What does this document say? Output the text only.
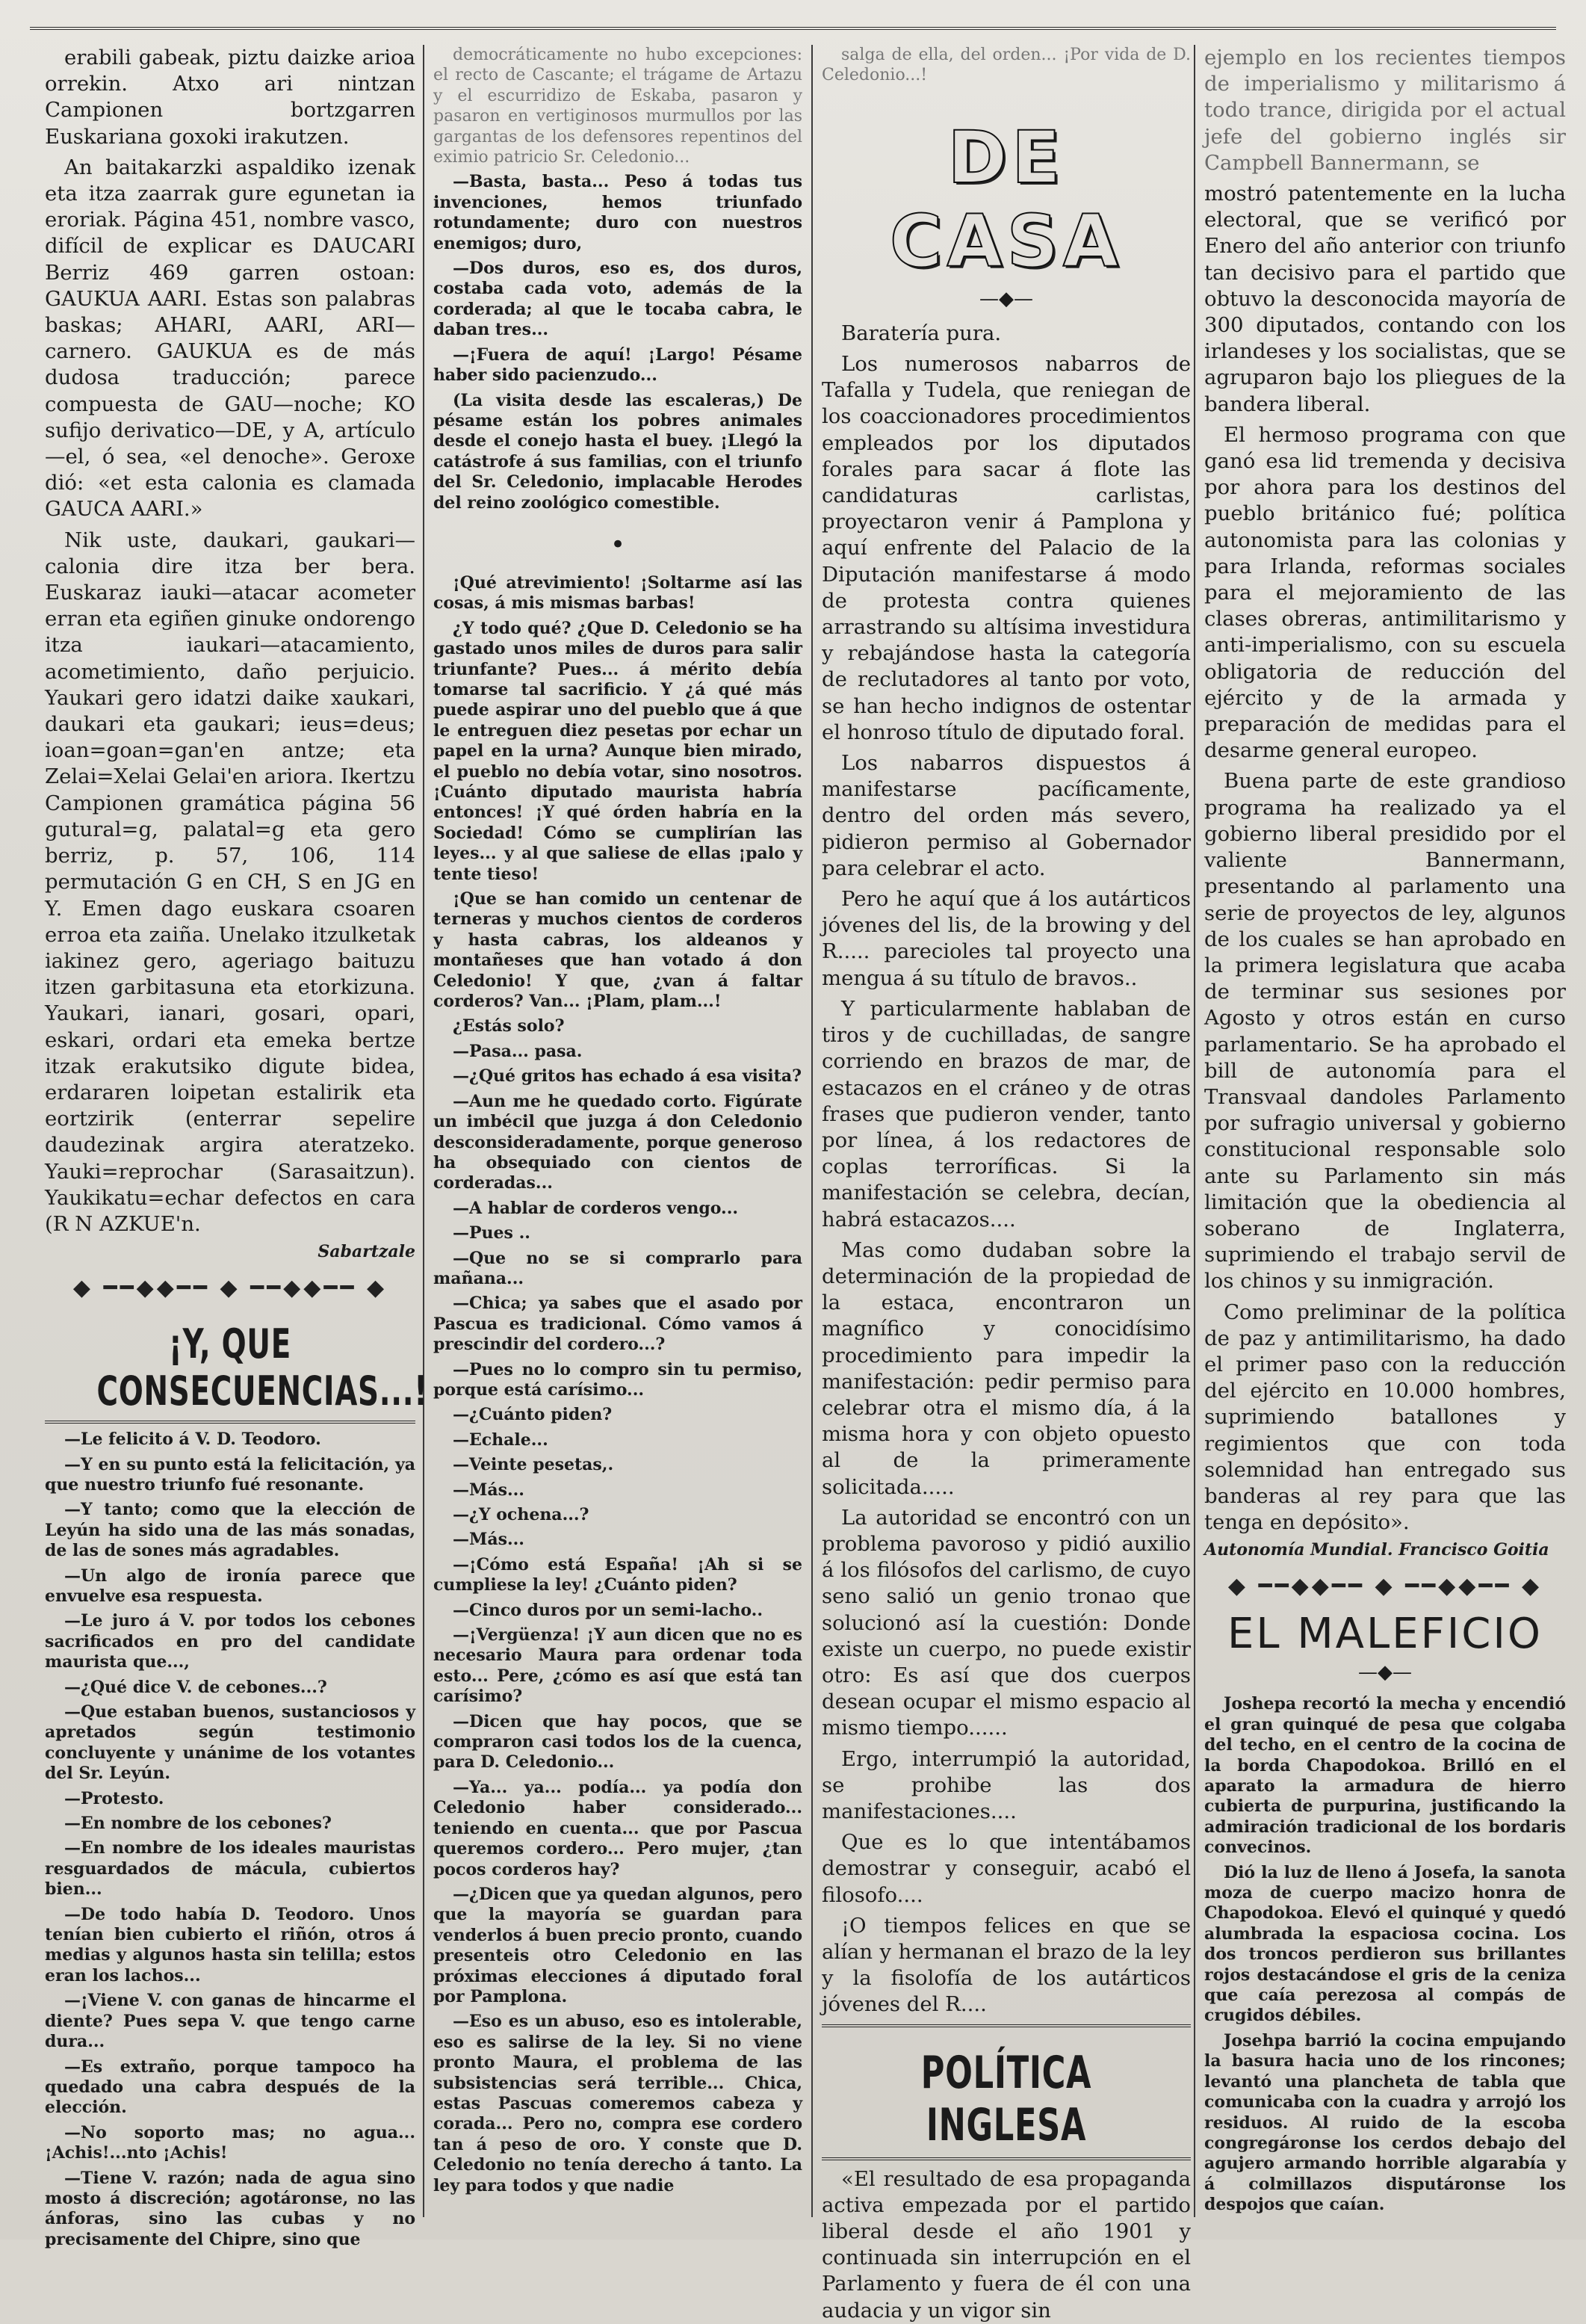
erabili gabeak, piztu daizke arioa orrekin. Atxo ari nintzan Campionen bortzgarren Euskariana goxoki irakutzen.

An baitakarzki aspaldiko izenak eta itza zaarrak gure egunetan ia eroriak. Página 451, nombre vasco, difícil de explicar es DAUCARI Berriz 469 garren ostoan: GAUKUA AARI. Estas son palabras baskas; AHARI, AARI, ARI—carnero. GAUKUA es de más dudosa traducción; parece compuesta de GAU—noche; KO sufijo derivatico—DE, y A, artículo—el, ó sea, «el denoche». Geroxe dió: «et esta calonia es clamada GAUCA AARI.»

Nik uste, daukari, gaukari—calonia dire itza ber bera. Euskaraz iauki—atacar acometer erran eta egiñen ginuke ondorengo itza iaukari—atacamiento, acometimiento, daño perjuicio. Yaukari gero idatzi daike xaukari, daukari eta gaukari; ieus=deus; ioan=goan=gan'en antze; eta Zelai=Xelai Gelai'en ariora. Ikertzu Campionen gramática página 56 gutural=g, palatal=g eta gero berriz, p. 57, 106, 114 permutación G en CH, S en JG en Y. Emen dago euskara csoaren erroa eta zaiña. Unelako itzulketak iakinez gero, ageriago baituzu itzen garbitasuna eta etorkizuna. Yaukari, ianari, gosari, opari, eskari, ordari eta emeka bertze itzak erakutsiko digute bidea, erdararen loipetan estalirik eta eortzirik (enterrar sepelire daudezinak argira ateratzeko. Yauki=reprochar (Sarasaitzun). Yaukikatu=echar defectos en cara (R N AZKUE'n.

Sabartzale
◆ ━━◆◆━━ ◆ ━━◆◆━━ ◆
¡Y, QUE CONSECUENCIAS...!

—Le felicito á V. D. Teodoro.

—Y en su punto está la felicitación, ya que nuestro triunfo fué resonante.

—Y tanto; como que la elección de Leyún ha sido una de las más sonadas, de las de sones más agradables.

—Un algo de ironía parece que envuelve esa respuesta.

—Le juro á V. por todos los cebones sacrificados en pro del candidate maurista que...,

—¿Qué dice V. de cebones...?

—Que estaban buenos, sustanciosos y apretados según testimonio concluyente y unánime de los votantes del Sr. Leyún.

—Protesto.

—En nombre de los cebones?

—En nombre de los ideales mauristas resguardados de mácula, cubiertos bien...

—De todo había D. Teodoro. Unos tenían bien cubierto el riñón, otros á medias y algunos hasta sin telilla; estos eran los lachos...

—¡Viene V. con ganas de hincarme el diente? Pues sepa V. que tengo carne dura...

—Es extraño, porque tampoco ha quedado una cabra después de la elección.

—No soporto mas; no agua... ¡Achis!...nto ¡Achis!

—Tiene V. razón; nada de agua sino mosto á discreción; agotáronse, no las ánforas, sino las cubas y no precisamente del Chipre, sino que

democráticamente no hubo excepciones: el recto de Cascante; el trágame de Artazu y el escurridizo de Eskaba, pasaron y pasaron en vertiginosos murmullos por las gargantas de los defensores repentinos del eximio patricio Sr. Celedonio...

—Basta, basta... Peso á todas tus invenciones, hemos triunfado rotundamente; duro con nuestros enemigos; duro,

—Dos duros, eso es, dos duros, costaba cada voto, además de la corderada; al que le tocaba cabra, le daban tres...

—¡Fuera de aquí! ¡Largo! Pésame haber sido pacienzudo...

(La visita desde las escaleras,) De pésame están los pobres animales desde el conejo hasta el buey. ¡Llegó la catástrofe á sus familias, con el triunfo del Sr. Celedonio, implacable Herodes del reino zoológico comestible.

•

¡Qué atrevimiento! ¡Soltarme así las cosas, á mis mismas barbas!

¿Y todo qué? ¿Que D. Celedonio se ha gastado unos miles de duros para salir triunfante? Pues... á mérito debía tomarse tal sacrificio. Y ¿á qué más puede aspirar uno del pueblo que á que le entreguen diez pesetas por echar un papel en la urna? Aunque bien mirado, el pueblo no debía votar, sino nosotros. ¡Cuánto diputado maurista habría entonces! ¡Y qué órden habría en la Sociedad! Cómo se cumplirían las leyes... y al que saliese de ellas ¡palo y tente tieso!

¡Que se han comido un centenar de terneras y muchos cientos de corderos y hasta cabras, los aldeanos y montañeses que han votado á don Celedonio! Y que, ¿van á faltar corderos? Van... ¡Plam, plam...!

¿Estás solo?

—Pasa... pasa.

—¿Qué gritos has echado á esa visita?

—Aun me he quedado corto. Figúrate un imbécil que juzga á don Celedonio desconsideradamente, porque generoso ha obsequiado con cientos de corderadas...

—A hablar de corderos vengo...

—Pues ..

—Que no se si comprarlo para mañana...

—Chica; ya sabes que el asado por Pascua es tradicional. Cómo vamos á prescindir del cordero...?

—Pues no lo compro sin tu permiso, porque está carísimo...

—¿Cuánto piden?

—Echale...

—Veinte pesetas,.

—Más...

—¿Y ochena...?

—Más...

—¡Cómo está España! ¡Ah si se cumpliese la ley! ¿Cuánto piden?

—Cinco duros por un semi-lacho..

—¡Vergüenza! ¡Y aun dicen que no es necesario Maura para ordenar toda esto... Pere, ¿cómo es así que está tan carísimo?

—Dicen que hay pocos, que se compraron casi todos los de la cuenca, para D. Celedonio...

—Ya... ya... podía... ya podía don Celedonio haber considerado... teniendo en cuenta... que por Pascua queremos cordero... Pero mujer, ¿tan pocos corderos hay?

—¿Dicen que ya quedan algunos, pero que la mayoría se guardan para venderlos á buen precio pronto, cuando presenteis otro Celedonio en las próximas elecciones á diputado foral por Pamplona.

—Eso es un abuso, eso es intolerable, eso es salirse de la ley. Si no viene pronto Maura, el problema de las subsistencias será terrible... Chica, estas Pascuas comeremos cabeza y corada... Pero no, compra ese cordero tan á peso de oro. Y conste que D. Celedonio no tenía derecho á tanto. La ley para todos y que nadie

salga de ella, del orden... ¡Por vida de D. Celedonio...!

DE CASA
—◆—

Baratería pura.

Los numerosos nabarros de Tafalla y Tudela, que reniegan de los coaccionadores procedimientos empleados por los diputados forales para sacar á flote las candidaturas carlistas, proyectaron venir á Pamplona y aquí enfrente del Palacio de la Diputación manifestarse á modo de protesta contra quienes arrastrando su altísima investidura y rebajándose hasta la categoría de reclutadores al tanto por voto, se han hecho indignos de ostentar el honroso título de diputado foral.

Los nabarros dispuestos á manifestarse pacíficamente, dentro del orden más severo, pidieron permiso al Gobernador para celebrar el acto.

Pero he aquí que á los autárticos jóvenes del lis, de la browing y del R..... parecioles tal proyecto una mengua á su título de bravos..

Y particularmente hablaban de tiros y de cuchilladas, de sangre corriendo en brazos de mar, de estacazos en el cráneo y de otras frases que pudieron vender, tanto por línea, á los redactores de coplas terroríficas. Si la manifestación se celebra, decían, habrá estacazos....

Mas como dudaban sobre la determinación de la propiedad de la estaca, encontraron un magnífico y conocidísimo procedimiento para impedir la manifestación: pedir permiso para celebrar otra el mismo día, á la misma hora y con objeto opuesto al de la primeramente solicitada.....

La autoridad se encontró con un problema pavoroso y pidió auxilio á los filósofos del carlismo, de cuyo seno salió un genio tronao que solucionó así la cuestión: Donde existe un cuerpo, no puede existir otro: Es así que dos cuerpos desean ocupar el mismo espacio al mismo tiempo......

Ergo, interrumpió la autoridad, se prohibe las dos manifestaciones....

Que es lo que intentábamos demostrar y conseguir, acabó el filosofo....

¡O tiempos felices en que se alían y hermanan el brazo de la ley y la fisolofía de los autárticos jóvenes del R....

POLÍTICA INGLESA

«El resultado de esa propaganda activa empezada por el partido liberal desde el año 1901 y continuada sin interrupción en el Parlamento y fuera de él con una audacia y un vigor sin

ejemplo en los recientes tiempos de imperialismo y militarismo á todo trance, dirigida por el actual jefe del gobierno inglés sir Campbell Bannermann, se

mostró patentemente en la lucha electoral, que se verificó por Enero del año anterior con triunfo tan decisivo para el partido que obtuvo la desconocida mayoría de 300 diputados, contando con los irlandeses y los socialistas, que se agruparon bajo los pliegues de la bandera liberal.

El hermoso programa con que ganó esa lid tremenda y decisiva por ahora para los destinos del pueblo británico fué; política autonomista para las colonias y para Irlanda, reformas sociales para el mejoramiento de las clases obreras, antimilitarismo y anti-imperialismo, con su escuela obligatoria de reducción del ejército y de la armada y preparación de medidas para el desarme general europeo.

Buena parte de este grandioso programa ha realizado ya el gobierno liberal presidido por el valiente Bannermann, presentando al parlamento una serie de proyectos de ley, algunos de los cuales se han aprobado en la primera legislatura que acaba de terminar sus sesiones por Agosto y otros están en curso parlamentario. Se ha aprobado el bill de autonomía para el Transvaal dandoles Parlamento por sufragio universal y gobierno constitucional responsable solo ante su Parlamento sin más limitación que la obediencia al soberano de Inglaterra, suprimiendo el trabajo servil de los chinos y su inmigración.

Como preliminar de la política de paz y antimilitarismo, ha dado el primer paso con la reducción del ejército en 10.000 hombres, suprimiendo batallones y regimientos que con toda solemnidad han entregado sus banderas al rey para que las tenga en depósito».

Autonomía Mundial. Francisco Goitia
◆ ━━◆◆━━ ◆ ━━◆◆━━ ◆
EL MALEFICIO
—◆—

Joshepa recortó la mecha y encendió el gran quinqué de pesa que colgaba del techo, en el centro de la cocina de la borda Chapodokoa. Brilló en el aparato la armadura de hierro cubierta de purpurina, justificando la admiración tradicional de los bordaris convecinos.

Dió la luz de lleno á Josefa, la sanota moza de cuerpo macizo honra de Chapodokoa. Elevó el quinqué y quedó alumbrada la espaciosa cocina. Los dos troncos perdieron sus brillantes rojos destacándose el gris de la ceniza que caía perezosa al compás de crugidos débiles.

Josehpa barrió la cocina empujando la basura hacia uno de los rincones; levantó una plancheta de tabla que comunicaba con la cuadra y arrojó los residuos. Al ruido de la escoba congregáronse los cerdos debajo del agujero armando horrible algarabía y á colmillazos disputáronse los despojos que caían.
